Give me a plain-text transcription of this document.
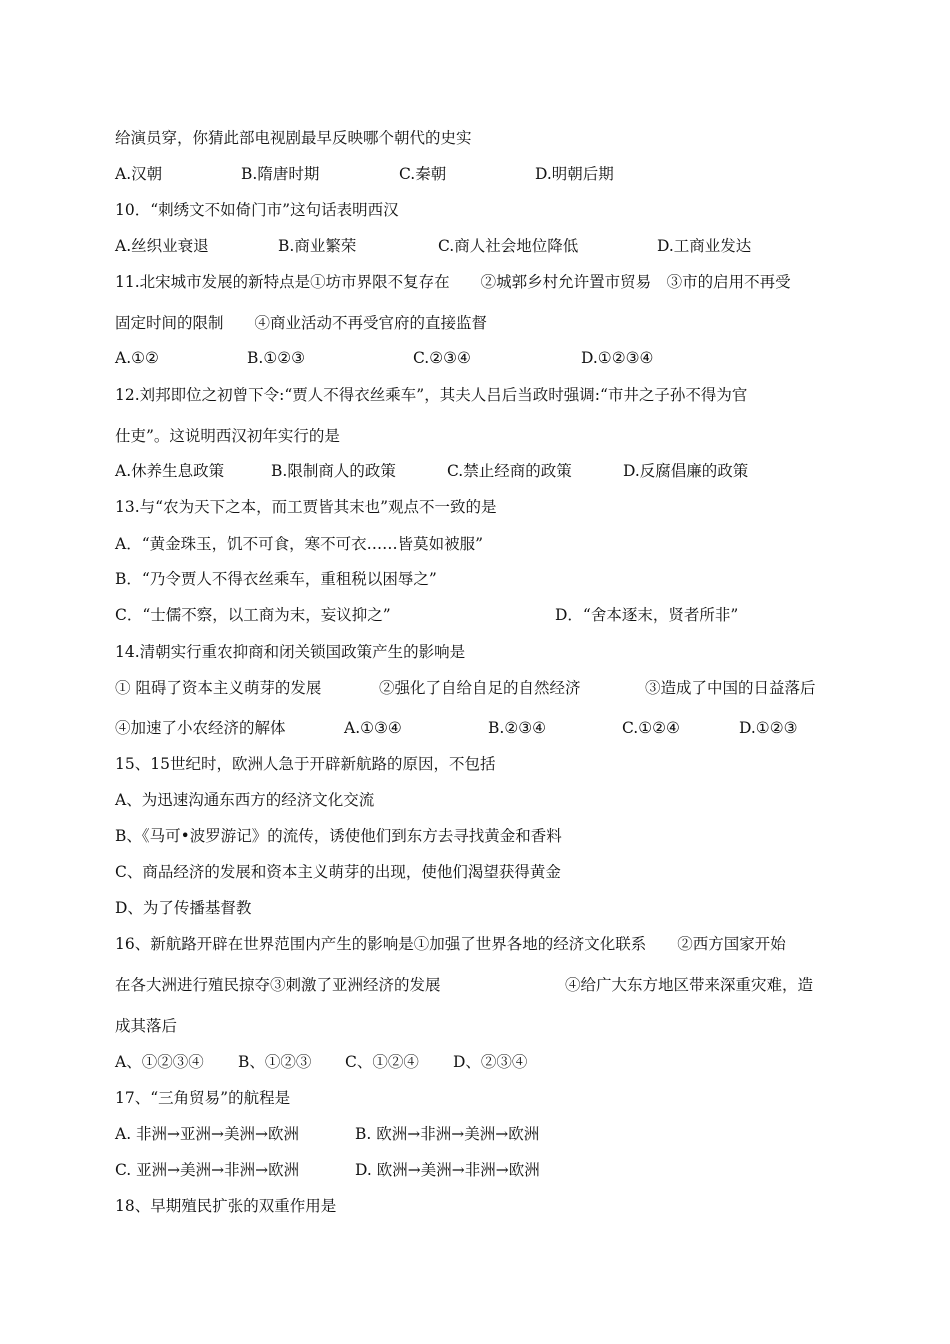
给演员穿，你猜此部电视剧最早反映哪个朝代的史实
A.汉朝	B.隋唐时期	C.秦朝	D.明朝后期
10．“刺绣文不如倚门市”这句话表明西汉
A.丝织业衰退	B.商业繁荣	C.商人社会地位降低	D.工商业发达
11.北宋城市发展的新特点是①坊市界限不复存在　　②城郭乡村允许置市贸易　③市的启用不再受
固定时间的限制　　④商业活动不再受官府的直接监督
A.①②	B.①②③	C.②③④	D.①②③④
12.刘邦即位之初曾下令:“贾人不得衣丝乘车”，其夫人吕后当政时强调:“市井之子孙不得为官
仕吏”。这说明西汉初年实行的是
A.休养生息政策	B.限制商人的政策	C.禁止经商的政策	D.反腐倡廉的政策
13.与“农为天下之本，而工贾皆其末也”观点不一致的是
A．“黄金珠玉，饥不可食，寒不可衣……皆莫如被服”
B．“乃令贾人不得衣丝乘车，重租税以困辱之”
C．“士儒不察，以工商为末，妄议抑之”	D．“舍本逐末，贤者所非”
14.清朝实行重农抑商和闭关锁国政策产生的影响是
① 阻碍了资本主义萌芽的发展	②强化了自给自足的自然经济	③造成了中国的日益落后
④加速了小农经济的解体	A.①③④	B.②③④	C.①②④	D.①②③
15、15世纪时，欧洲人急于开辟新航路的原因，不包括
A、为迅速沟通东西方的经济文化交流
B、《马可•波罗游记》的流传，诱使他们到东方去寻找黄金和香料
C、商品经济的发展和资本主义萌芽的出现，使他们渴望获得黄金
D、为了传播基督教
16、新航路开辟在世界范围内产生的影响是①加强了世界各地的经济文化联系　　②西方国家开始
在各大洲进行殖民掠夺③刺激了亚洲经济的发展	④给广大东方地区带来深重灾难，造
成其落后
A、①②③④	B、①②③	C、①②④	D、②③④
17、“三角贸易”的航程是
A. 非洲→亚洲→美洲→欧洲	B. 欧洲→非洲→美洲→欧洲
C. 亚洲→美洲→非洲→欧洲	D. 欧洲→美洲→非洲→欧洲
18、早期殖民扩张的双重作用是
